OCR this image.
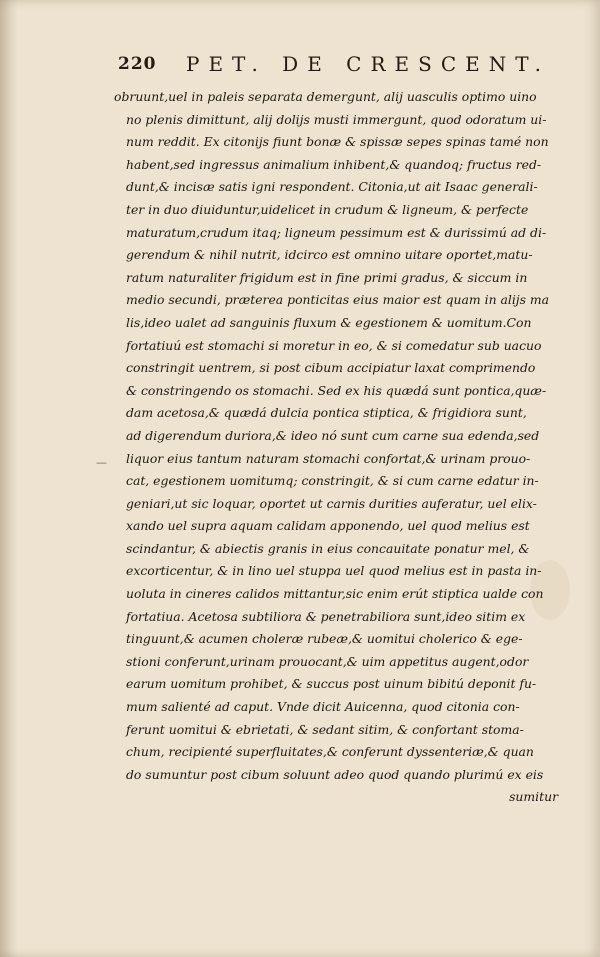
220 PET. DE CRESCENT.
—
obruunt,uel in paleis separata demergunt, alij uasculis optimo uino
no plenis dimittunt, alij dolijs musti immergunt, quod odoratum ui-
num reddit. Ex citonijs fiunt bonæ & spissæ sepes spinas tamé non
habent,sed ingressus animalium inhibent,& quandoq; fructus red-
dunt,& incisæ satis igni respondent. Citonia,ut ait Isaac generali-
ter in duo diuiduntur,uidelicet in crudum & ligneum, & perfecte
maturatum,crudum itaq; ligneum pessimum est & durissimú ad di-
gerendum & nihil nutrit, idcirco est omnino uitare oportet,matu-
ratum naturaliter frigidum est in fine primi gradus, & siccum in
medio secundi, præterea ponticitas eius maior est quam in alijs ma
lis,ideo ualet ad sanguinis fluxum & egestionem & uomitum.Con
fortatiuú est stomachi si moretur in eo, & si comedatur sub uacuo
constringit uentrem, si post cibum accipiatur laxat comprimendo
& constringendo os stomachi. Sed ex his quædá sunt pontica,quæ-
dam acetosa,& quædá dulcia pontica stiptica, & frigidiora sunt,
ad digerendum duriora,& ideo nó sunt cum carne sua edenda,sed
liquor eius tantum naturam stomachi confortat,& urinam prouo-
cat, egestionem uomitumq; constringit, & si cum carne edatur in-
geniari,ut sic loquar, oportet ut carnis durities auferatur, uel elix-
xando uel supra aquam calidam apponendo, uel quod melius est
scindantur, & abiectis granis in eius concauitate ponatur mel, &
excorticentur, & in lino uel stuppa uel quod melius est in pasta in-
uoluta in cineres calidos mittantur,sic enim erút stiptica ualde con
fortatiua. Acetosa subtiliora & penetrabiliora sunt,ideo sitim ex
tinguunt,& acumen choleræ rubeæ,& uomitui cholerico & ege-
stioni conferunt,urinam prouocant,& uim appetitus augent,odor
earum uomitum prohibet, & succus post uinum bibitú deponit fu-
mum salienté ad caput. Vnde dicit Auicenna, quod citonia con-
ferunt uomitui & ebrietati, & sedant sitim, & confortant stoma-
chum, recipienté superfluitates,& conferunt dyssenteriæ,& quan
do sumuntur post cibum soluunt adeo quod quando plurimú ex eis
sumitur
